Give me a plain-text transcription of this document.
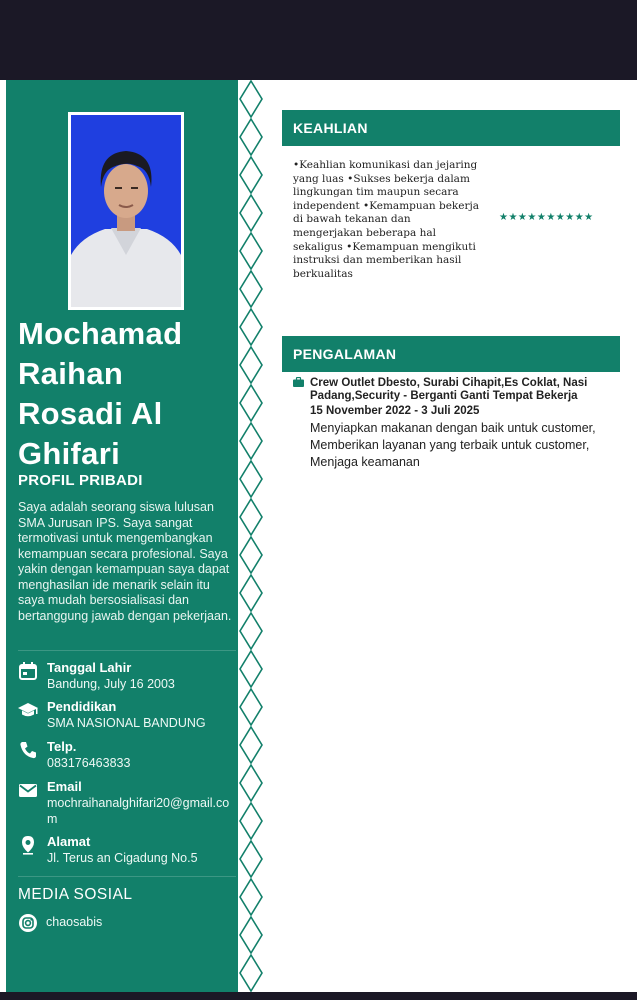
Mochamad
Raihan
Rosadi Al
Ghifari
PROFIL PRIBADI
Saya adalah seorang siswa lulusan SMA Jurusan IPS. Saya sangat termotivasi untuk mengembangkan kemampuan secara profesional. Saya yakin dengan kemampuan saya dapat menghasilan ide menarik selain itu saya mudah bersosialisasi dan bertanggung jawab dengan pekerjaan.
Tanggal Lahir
Bandung, July 16 2003
Pendidikan
SMA NASIONAL BANDUNG
Telp.
083176463833
Email
mochraihanalghifari20@gmail.com
Alamat
Jl. Terus an Cigadung No.5
MEDIA SOSIAL
chaosabis
KEAHLIAN
•Keahlian komunikasi dan jejaring yang luas •Sukses bekerja dalam lingkungan tim maupun secara independent •Kemampuan bekerja di bawah tekanan dan mengerjakan beberapa hal sekaligus •Kemampuan mengikuti instruksi dan memberikan hasil berkualitas
★★★★★★★★★★
PENGALAMAN
Crew Outlet Dbesto, Surabi Cihapit,Es Coklat, Nasi Padang,Security - Berganti Ganti Tempat Bekerja
15 November 2022 - 3 Juli 2025
Menyiapkan makanan dengan baik untuk customer, Memberikan layanan yang terbaik untuk customer, Menjaga keamanan
